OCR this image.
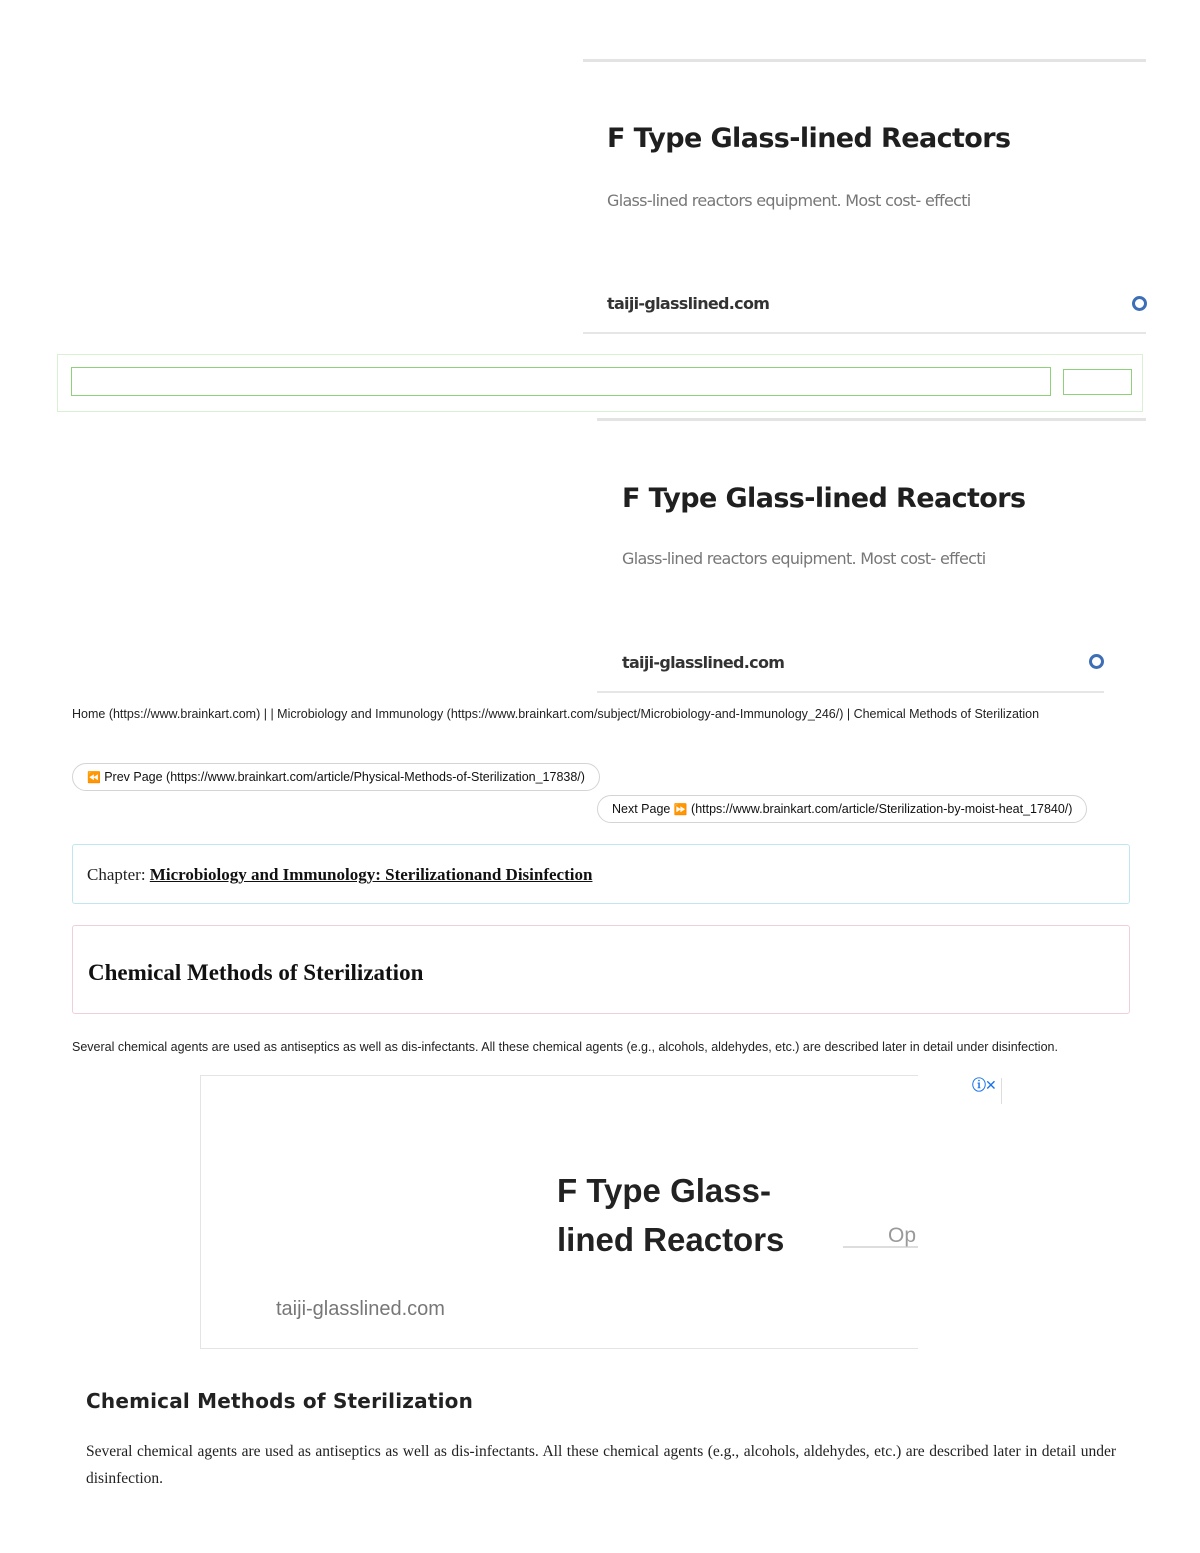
F Type Glass-lined Reactors
Glass-lined reactors equipment. Most cost- effecti
taiji-glasslined.com
F Type Glass-lined Reactors
Glass-lined reactors equipment. Most cost- effecti
taiji-glasslined.com
Home (https://www.brainkart.com) | | Microbiology and Immunology (https://www.brainkart.com/subject/Microbiology-and-Immunology_246/) | Chemical Methods of Sterilization
⏪ Prev Page (https://www.brainkart.com/article/Physical-Methods-of-Sterilization_17838/)
Next Page ⏩ (https://www.brainkart.com/article/Sterilization-by-moist-heat_17840/)
Chapter: Microbiology and Immunology: Sterilizationand Disinfection
Chemical Methods of Sterilization
Several chemical agents are used as antiseptics as well as dis-infectants. All these chemical agents (e.g., alcohols, aldehydes, etc.) are described later in detail under disinfection.
F Type Glass-
lined Reactors	Op
taiji-glasslined.com
ⓘ✕
Chemical Methods of Sterilization

Several chemical agents are used as antiseptics as well as dis-infectants. All these chemical agents (e.g., alcohols, aldehydes, etc.) are described later in detail under disinfection.
